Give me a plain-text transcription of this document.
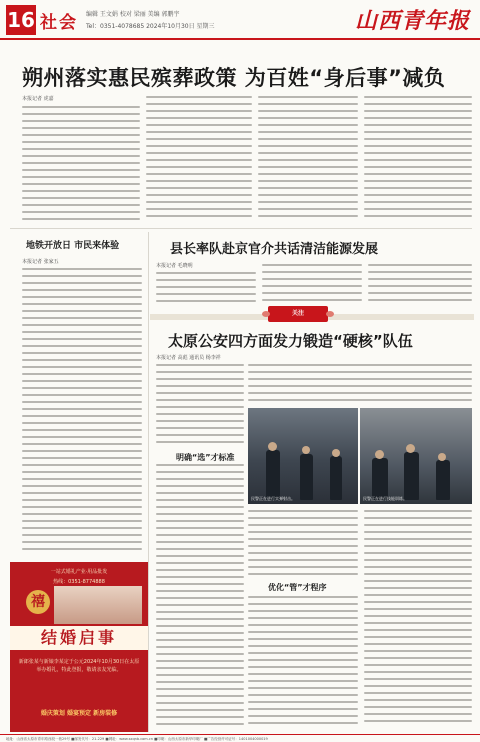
16 社会 编辑 王文娟 校对 梁丽 美编 郭鹏宇
Tel：0351-4078685 2024年10月30日 星期三	山西青年报
朔州落实惠民殡葬政策 为百姓“身后事”减负
本报记者 虎嘉
地铁开放日 市民来体验
本报记者 张家五
县长率队赴京官介共话清洁能源发展
本报记者 毛晓明
关注
太原公安四方面发力锻造“硬核”队伍
本报记者 高彪 通讯员 杨李祥
民警正在进行实弹射击。	民警正在进行技能训练。
明确“选”才标准
优化“管”才程序
一站式婚礼产业·用品批发
热线：0351-8774888
禧
结婚启事
新郎张某与新娘李某定于公元2024年10月30日在太原举办婚礼，特此登报，敬请亲友光临。
婚庆策划 婚宴预定 新房装修
地址：山西省太原市青年路西段一巷29号 ■邮发代号：21-229 ■网址：www.sxqnb.com.cn ■印刷：山西太原市新华印刷厂 ■广告经营许可证号：1401004000019
